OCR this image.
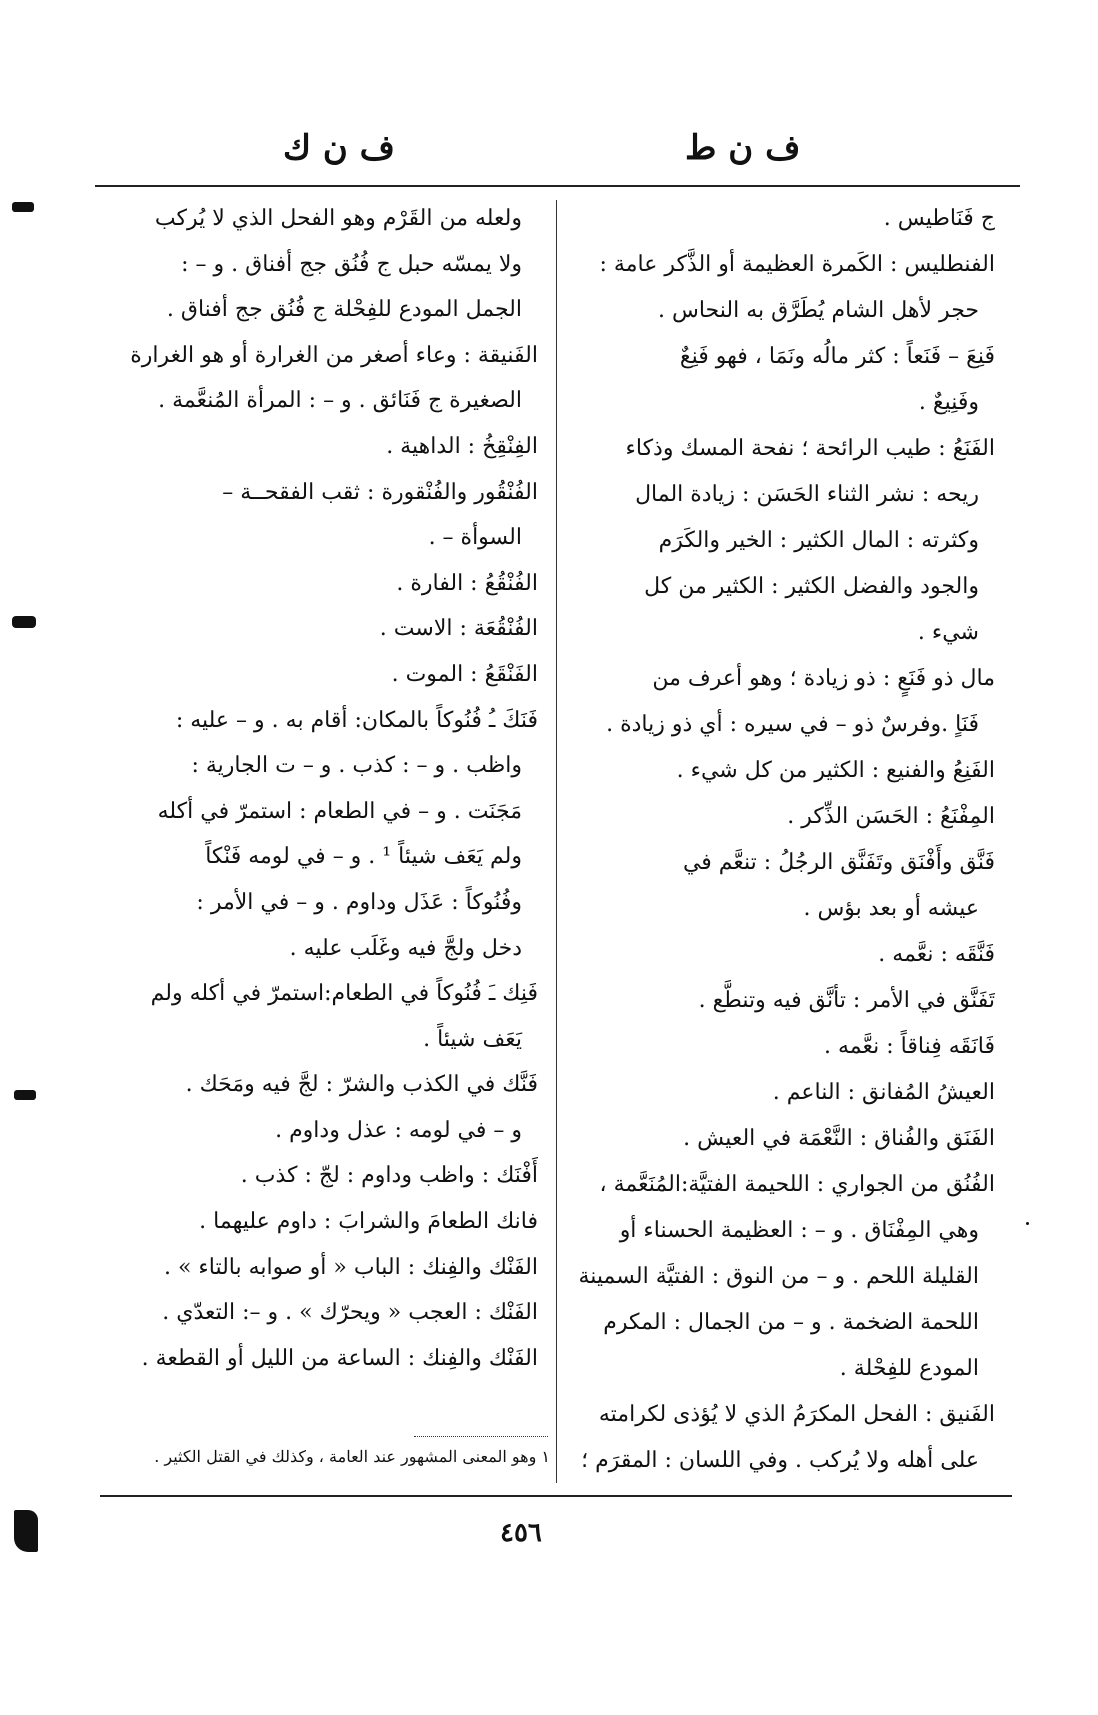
ف ن ط
ف ن ك
ج فَنَاطيس .
الفنطليس : الكَمرة العظيمة أو الذَّكر عامة :
حجر لأهل الشام يُطَرَّق به النحاس .
فَنِعَ – فَنَعاً : كثر مالُه ونَمَا ، فهو فَنِعٌ
وفَنِيعٌ .
الفَنَعُ : طيب الرائحة ؛ نفحة المسك وذكاء
ريحه : نشر الثناء الحَسَن : زيادة المال
وكثرته : المال الكثير : الخير والكَرَم
والجود والفضل الكثير : الكثير من كل
شيء .
مال ذو فَنَعٍ : ذو زيادة ؛ وهو أعرف من
فَنَاٍ .وفرسٌ ذو – في سيره : أي ذو زيادة .
الفَنِعُ والفنيع : الكثير من كل شيء .
المِفْنَعُ : الحَسَن الذِّكر .
فَنَّق وأَفْنَق وتَفَنَّق الرجُلُ : تنعَّم في
عيشه أو بعد بؤس .
فَنَّقَه : نعَّمه .
تَفَنَّق في الأمر : تأنَّق فيه وتنطَّع .
فَانَقَه فِناقاً : نعَّمه .
العيشُ المُفانق : الناعم .
الفَنَق والفُناق : النَّعْمَة في العيش .
الفُنُق من الجواري : اللحيمة الفتيَّة:المُنَعَّمة ،
وهي المِفْنَاق . و – : العظيمة الحسناء أو
القليلة اللحم . و – من النوق : الفتيَّة السمينة
اللحمة الضخمة . و – من الجمال : المكرم
المودع للفِحْلة .
الفَنيق : الفحل المكرَمُ الذي لا يُؤذى لكرامته
على أهله ولا يُركب . وفي اللسان : المقرَم ؛
ولعله من القَرْم وهو الفحل الذي لا يُركب
ولا يمسّه حبل ج فُنُق جج أفناق . و – :
الجمل المودع للفِحْلة ج فُنُق جج أفناق .
الفَنيقة : وعاء أصغر من الغرارة أو هو الغرارة
الصغيرة ج فَنَائق . و – : المرأة المُنعَّمة .
الفِنْقِخُ : الداهية .
الفُنْقُور والفُنْقورة : ثقب الفقحــة –
السوأة – .
الفُنْقُعُ : الفارة .
الفُنْقُعَة : الاست .
الفَنْقَعُ : الموت .
فَنَكَ ـُ فُنُوكاً بالمكان: أقام به . و – عليه :
واظب . و – : كذب . و – ت الجارية :
مَجَنَت . و – في الطعام : استمرّ في أكله
ولم يَعَف شيئاً ¹ . و – في لومه فَنْكاً
وفُنُوكاً : عَذَل وداوم . و – في الأمر :
دخل ولجَّ فيه وغَلَب عليه .
فَنِك ـَ فُنُوكاً في الطعام:استمرّ في أكله ولم
يَعَف شيئاً .
فَنَّك في الكذب والشرّ : لجَّ فيه ومَحَك .
و – في لومه : عذل وداوم .
أَفْنَك : واظب وداوم : لجّ : كذب .
فانك الطعامَ والشرابَ : داوم عليهما .
الفَنْك والفِنك : الباب « أو صوابه بالتاء » .
الفَنْك : العجب « ويحرّك » . و –: التعدّي .
الفَنْك والفِنك : الساعة من الليل أو القطعة .
١ وهو المعنى المشهور عند العامة ، وكذلك في القتل الكثير .
٤٥٦
